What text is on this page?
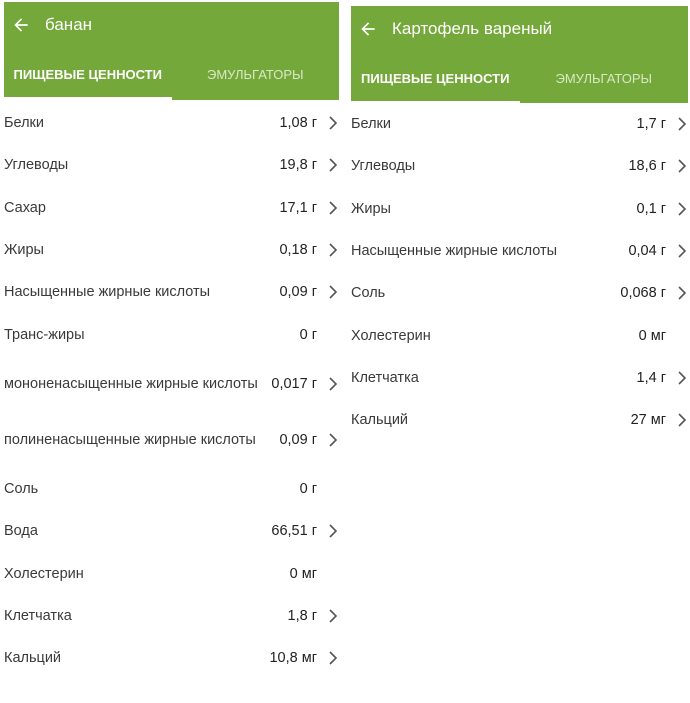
банан
ПИЩЕВЫЕ ЦЕННОСТИ	ЭМУЛЬГАТОРЫ
Белки	1,08 г
Углеводы	19,8 г
Сахар	17,1 г
Жиры	0,18 г
Насыщенные жирные кислоты	0,09 г
Транс-жиры	0 г
мононенасыщенные жирные кислоты 0,017 г
полиненасыщенные жирные кислоты	0,09 г
Соль	0 г
Вода	66,51 г
Холестерин	0 мг
Клетчатка	1,8 г
Кальций	10,8 мг
Картофель вареный
ПИЩЕВЫЕ ЦЕННОСТИ	ЭМУЛЬГАТОРЫ
Белки	1,7 г
Углеводы	18,6 г
Жиры	0,1 г
Насыщенные жирные кислоты	0,04 г
Соль	0,068 г
Холестерин	0 мг
Клетчатка	1,4 г
Кальций	27 мг
